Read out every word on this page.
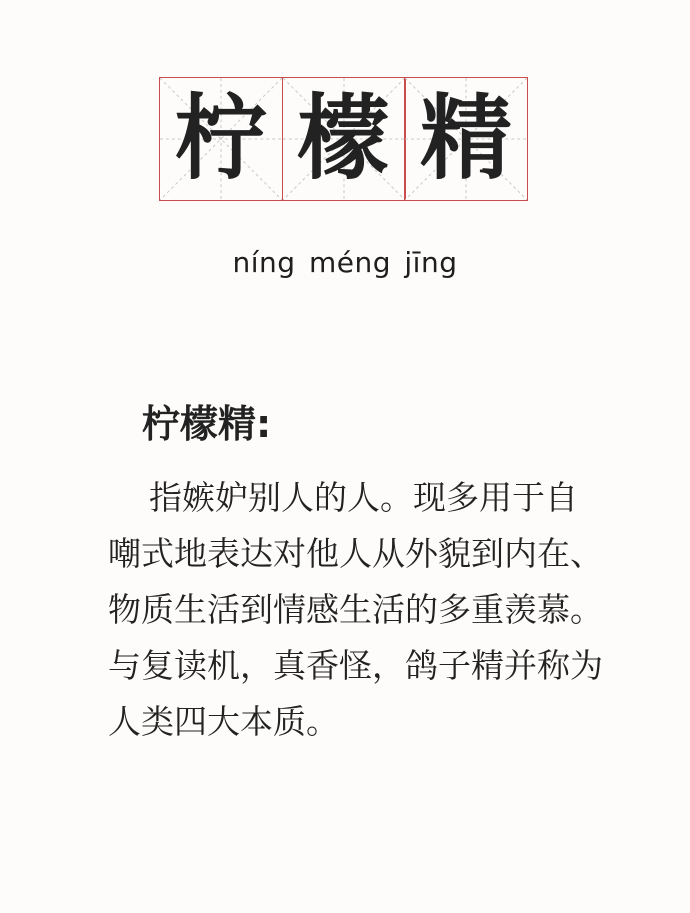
柠 檬 精
níng méng jīng
柠檬精:

指嫉妒别人的人。现多用于自嘲式地表达对他人从外貌到内在、物质生活到情感生活的多重羡慕。 与复读机，真香怪，鸽子精并称为人类四大本质。
